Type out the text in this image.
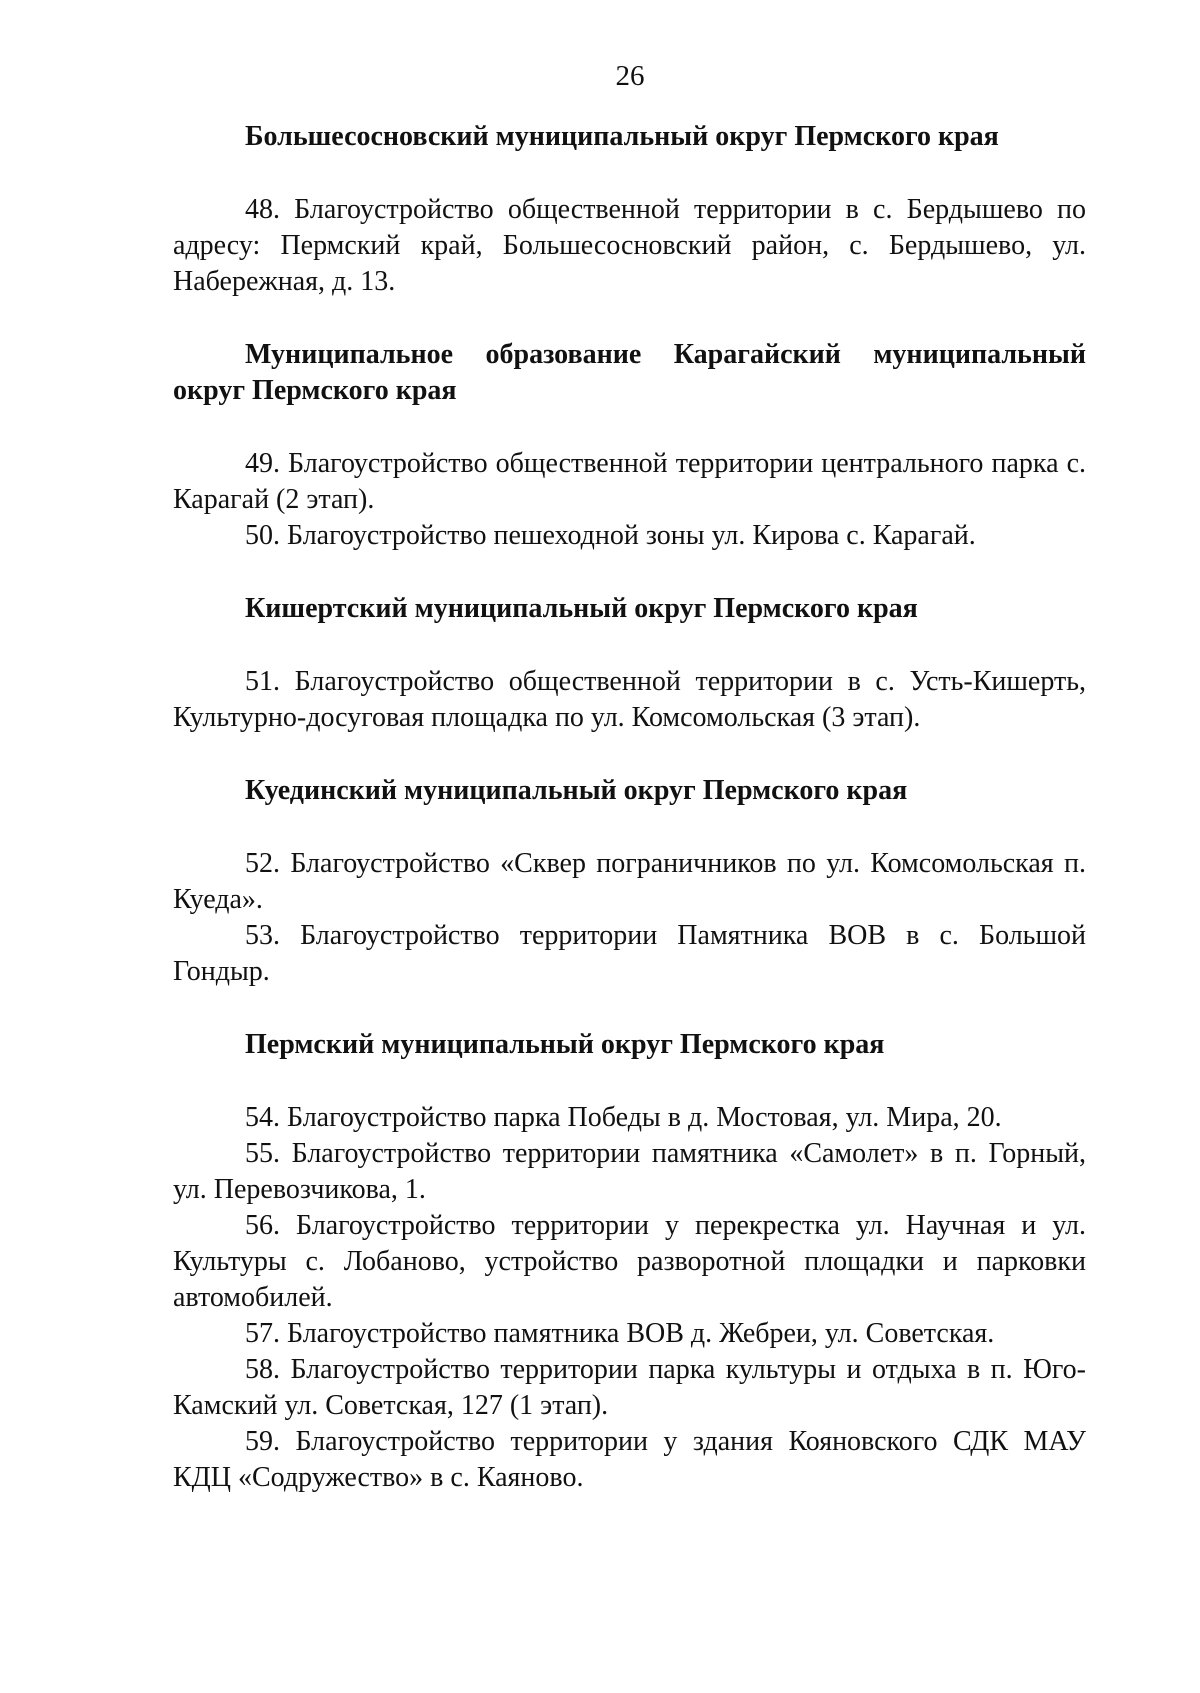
26

Большесосновский муниципальный округ Пермского края

48. Благоустройство общественной территории в с. Бердышево по адресу: Пермский край, Большесосновский район, с. Бердышево, ул. Набережная, д. 13.

Муниципальное образование Карагайский муниципальный округ Пермского края

49. Благоустройство общественной территории центрального парка с. Карагай (2 этап).

50. Благоустройство пешеходной зоны ул. Кирова с. Карагай.

Кишертский муниципальный округ Пермского края

51. Благоустройство общественной территории в с. Усть-Кишерть, Культурно-досуговая площадка по ул. Комсомольская (3 этап).

Куединский муниципальный округ Пермского края

52. Благоустройство «Сквер пограничников по ул. Комсомольская п. Куеда».

53. Благоустройство территории Памятника ВОВ в с. Большой Гондыр.

Пермский муниципальный округ Пермского края

54. Благоустройство парка Победы в д. Мостовая, ул. Мира, 20.

55. Благоустройство территории памятника «Самолет» в п. Горный, ул. Перевозчикова, 1.

56. Благоустройство территории у перекрестка ул. Научная и ул. Культуры с. Лобаново, устройство разворотной площадки и парковки автомобилей.

57. Благоустройство памятника ВОВ д. Жебреи, ул. Советская.

58. Благоустройство территории парка культуры и отдыха в п. Юго-Камский ул. Советская, 127 (1 этап).

59. Благоустройство территории у здания Кояновского СДК МАУ КДЦ «Содружество» в с. Каяново.
